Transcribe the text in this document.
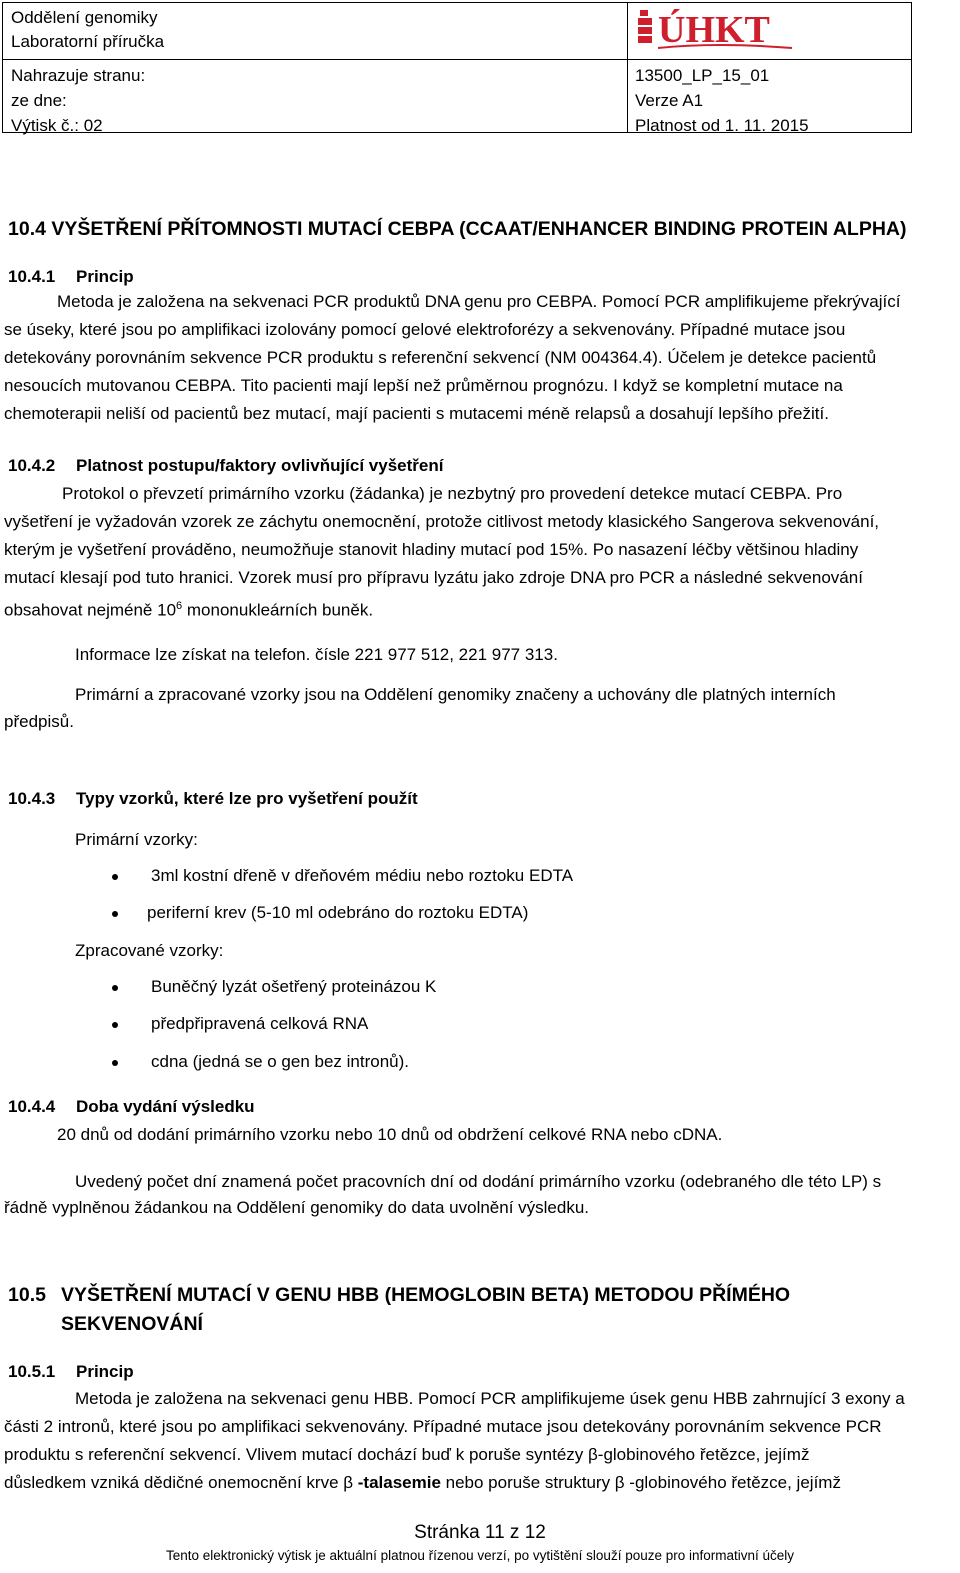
Oddělení genomiky
Laboratorní příručka
Nahrazuje stranu:
ze dne:
Výtisk č.: 02
13500_LP_15_01
Verze A1
Platnost od 1. 11. 2015
ÚHKT
10.4 VYŠETŘENÍ PŘÍTOMNOSTI MUTACÍ CEBPA (CCAAT/ENHANCER BINDING PROTEIN ALPHA)
10.4.1 Princip
Metoda je založena na sekvenaci PCR produktů DNA genu pro CEBPA. Pomocí PCR amplifikujeme překrývající
se úseky, které jsou po amplifikaci izolovány pomocí gelové elektroforézy a sekvenovány. Případné mutace jsou
detekovány porovnáním sekvence PCR produktu s referenční sekvencí (NM 004364.4). Účelem je detekce pacientů
nesoucích mutovanou CEBPA. Tito pacienti mají lepší než průměrnou prognózu. I když se kompletní mutace na
chemoterapii neliší od pacientů bez mutací, mají pacienti s mutacemi méně relapsů a dosahují lepšího přežití.
10.4.2 Platnost postupu/faktory ovlivňující vyšetření
Protokol o převzetí primárního vzorku (žádanka) je nezbytný pro provedení detekce mutací CEBPA. Pro
vyšetření je vyžadován vzorek ze záchytu onemocnění, protože citlivost metody klasického Sangerova sekvenování,
kterým je vyšetření prováděno, neumožňuje stanovit hladiny mutací pod 15%. Po nasazení léčby většinou hladiny
mutací klesají pod tuto hranici. Vzorek musí pro přípravu lyzátu jako zdroje DNA pro PCR a následné sekvenování
obsahovat nejméně $10^6$ mononukleárních buněk.
Informace lze získat na telefon. čísle 221 977 512, 221 977 313.
Primární a zpracované vzorky jsou na Oddělení genomiky značeny a uchovány dle platných interních
předpisů.
10.4.3 Typy vzorků, které lze pro vyšetření použít
Primární vzorky:
3ml kostní dřeně v dřeňovém médiu nebo roztoku EDTA
periferní krev (5-10 ml odebráno do roztoku EDTA)
Zpracované vzorky:
Buněčný lyzát ošetřený proteinázou K
předpřipravená celková RNA
cdna (jedná se o gen bez intronů).
10.4.4 Doba vydání výsledku
20 dnů od dodání primárního vzorku nebo 10 dnů od obdržení celkové RNA nebo cDNA.
Uvedený počet dní znamená počet pracovních dní od dodání primárního vzorku (odebraného dle této LP) s
řádně vyplněnou žádankou na Oddělení genomiky do data uvolnění výsledku.
10.5 VYŠETŘENÍ MUTACÍ V GENU HBB (HEMOGLOBIN BETA) METODOU PŘÍMÉHO
SEKVENOVÁNÍ
10.5.1 Princip
Metoda je založena na sekvenaci genu HBB. Pomocí PCR amplifikujeme úsek genu HBB zahrnující 3 exony a
části 2 intronů, které jsou po amplifikaci sekvenovány. Případné mutace jsou detekovány porovnáním sekvence PCR
produktu s referenční sekvencí. Vlivem mutací dochází buď k poruše syntézy β-globinového řetězce, jejímž
důsledkem vzniká dědičné onemocnění krve β -talasemie nebo poruše struktury β -globinového řetězce, jejímž
Stránka 11 z 12
Tento elektronický výtisk je aktuální platnou řízenou verzí, po vytištění slouží pouze pro informativní účely
